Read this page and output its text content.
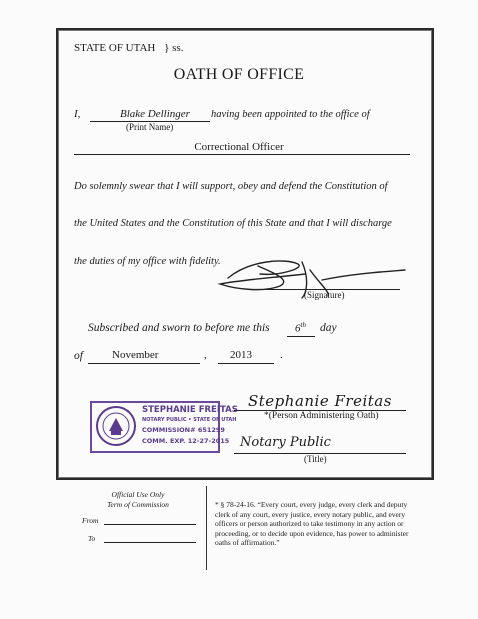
STATE OF UTAH } ss.
OATH OF OFFICE
I,	Blake Dellinger having been appointed to the office of
(Print Name)
Correctional Officer
Do solemnly swear that I will support, obey and defend the Constitution of
the United States and the Constitution of this State and that I will discharge
the duties of my office with fidelity.
(Signature)
Subscribed and sworn to before me this 6th day
of	November	, 2013	.
STEPHANIE FREITAS
NOTARY PUBLIC • STATE OF UTAH
COMMISSION# 651299
COMM. EXP. 12-27-2015
Stephanie Freitas
*(Person Administering Oath)
Notary Public
(Title)
Official Use Only
Term of Commission
From
To
* § 78-24-16. “Every court, every judge, every clerk and deputy clerk of any court, every justice, every notary public, and every officers or person authorized to take testimony in any action or proceeding, or to decide upon evidence, has power to administer oaths of affirmation.”
